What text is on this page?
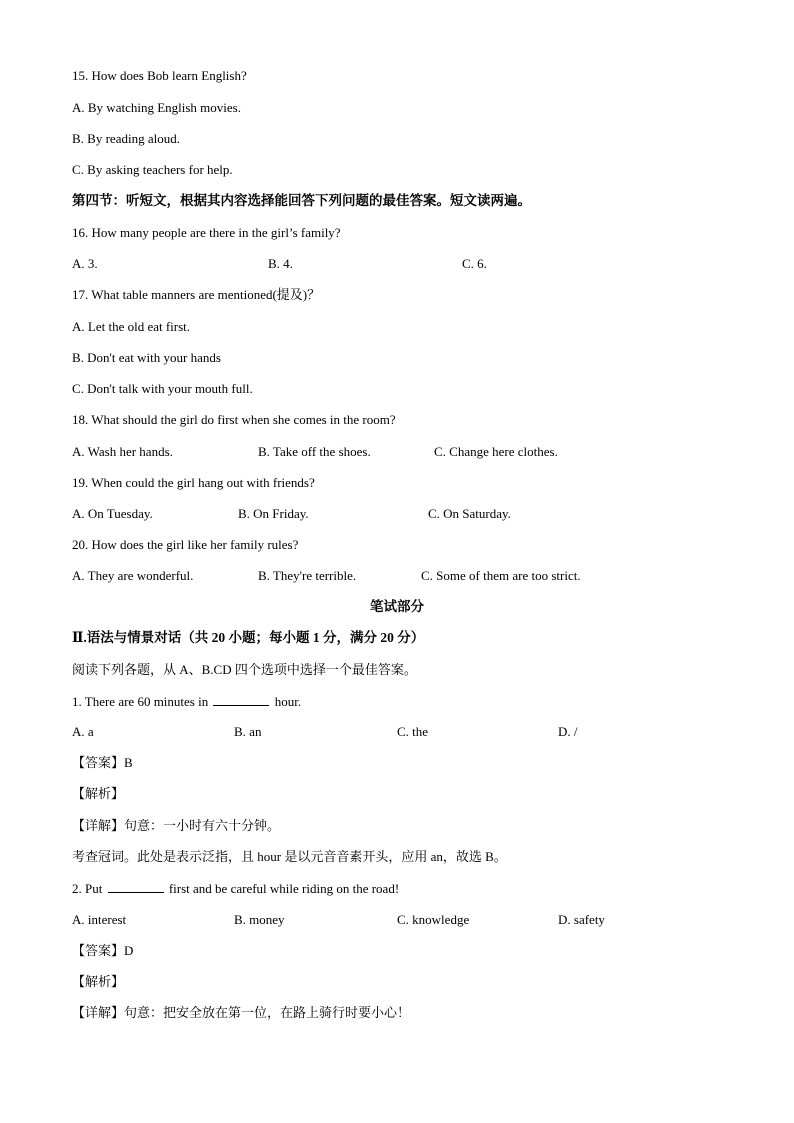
15. How does Bob learn English?
A. By watching English movies.
B. By reading aloud.
C. By asking teachers for help.
第四节：听短文，根据其内容选择能回答下列问题的最佳答案。短文读两遍。
16. How many people are there in the girl’s family?
A. 3.	B. 4.	C. 6.
17. What table manners are mentioned(提及)？
A. Let the old eat first.
B. Don't eat with your hands
C. Don't talk with your mouth full.
18. What should the girl do first when she comes in the room?
A. Wash her hands.	B. Take off the shoes.	C. Change here clothes.
19. When could the girl hang out with friends?
A. On Tuesday.	B. On Friday.	C. On Saturday.
20. How does the girl like her family rules?
A. They are wonderful.	B. They're terrible.	C. Some of them are too strict.
笔试部分
Ⅱ.语法与情景对话（共 20 小题；每小题 1 分，满分 20 分）
阅读下列各题，从 A、B.CD 四个选项中选择一个最佳答案。
1. There are 60 minutes in	hour.
A. a	B. an	C. the	D. /
【答案】B
【解析】
【详解】句意：一小时有六十分钟。
考查冠词。此处是表示泛指，且 hour 是以元音音素开头，应用 an，故选 B。
2. Put	first and be careful while riding on the road!
A. interest	B. money	C. knowledge	D. safety
【答案】D
【解析】
【详解】句意：把安全放在第一位，在路上骑行时要小心！
